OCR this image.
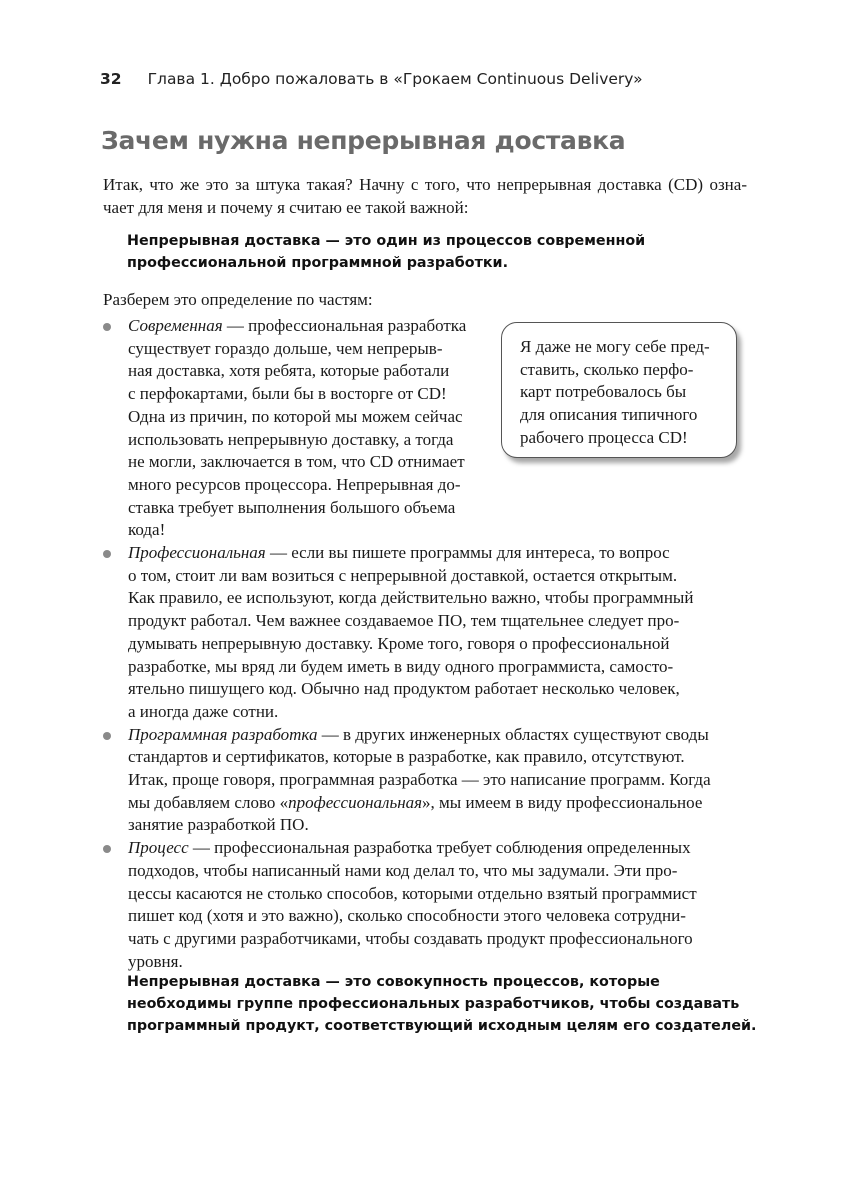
32 Глава 1. Добро пожаловать в «Грокаем Continuous Delivery»
Зачем нужна непрерывная доставка

Итак, что же это за штука такая? Начну с того, что непрерывная доставка (CD) озна- чает для меня и почему я считаю ее такой важной:

Непрерывная доставка — это один из процессов современной
профессиональной программной разработки.

Разберем это определение по частям:

Современная — профессиональная разработка
существует гораздо дольше, чем непрерыв-
ная доставка, хотя ребята, которые работали
с перфокартами, были бы в восторге от CD!
Одна из причин, по которой мы можем сейчас
использовать непрерывную доставку, а тогда
не могли, заключается в том, что CD отнимает
много ресурсов процессора. Непрерывная до-
ставка требует выполнения большого объема
кода!
Профессиональная — если вы пишете программы для интереса, то вопрос
о том, стоит ли вам возиться с непрерывной доставкой, остается открытым.
Как правило, ее используют, когда действительно важно, чтобы программный
продукт работал. Чем важнее создаваемое ПО, тем тщательнее следует про-
думывать непрерывную доставку. Кроме того, говоря о профессиональной
разработке, мы вряд ли будем иметь в виду одного программиста, самосто-
ятельно пишущего код. Обычно над продуктом работает несколько человек,
а иногда даже сотни.
Программная разработка — в других инженерных областях существуют своды
стандартов и сертификатов, которые в разработке, как правило, отсутствуют.
Итак, проще говоря, программная разработка — это написание программ. Когда
мы добавляем слово «профессиональная», мы имеем в виду профессиональное
занятие разработкой ПО.
Процесс — профессиональная разработка требует соблюдения определенных
подходов, чтобы написанный нами код делал то, что мы задумали. Эти про-
цессы касаются не столько способов, которыми отдельно взятый программист
пишет код (хотя и это важно), сколько способности этого человека сотрудни-
чать с другими разработчиками, чтобы создавать продукт профессионального
уровня.
Я даже не могу себе пред-
ставить, сколько перфо-
карт потребовалось бы
для описания типичного
рабочего процесса CD!
Непрерывная доставка — это совокупность процессов, которые
необходимы группе профессиональных разработчиков, чтобы создавать
программный продукт, соответствующий исходным целям его создателей.
